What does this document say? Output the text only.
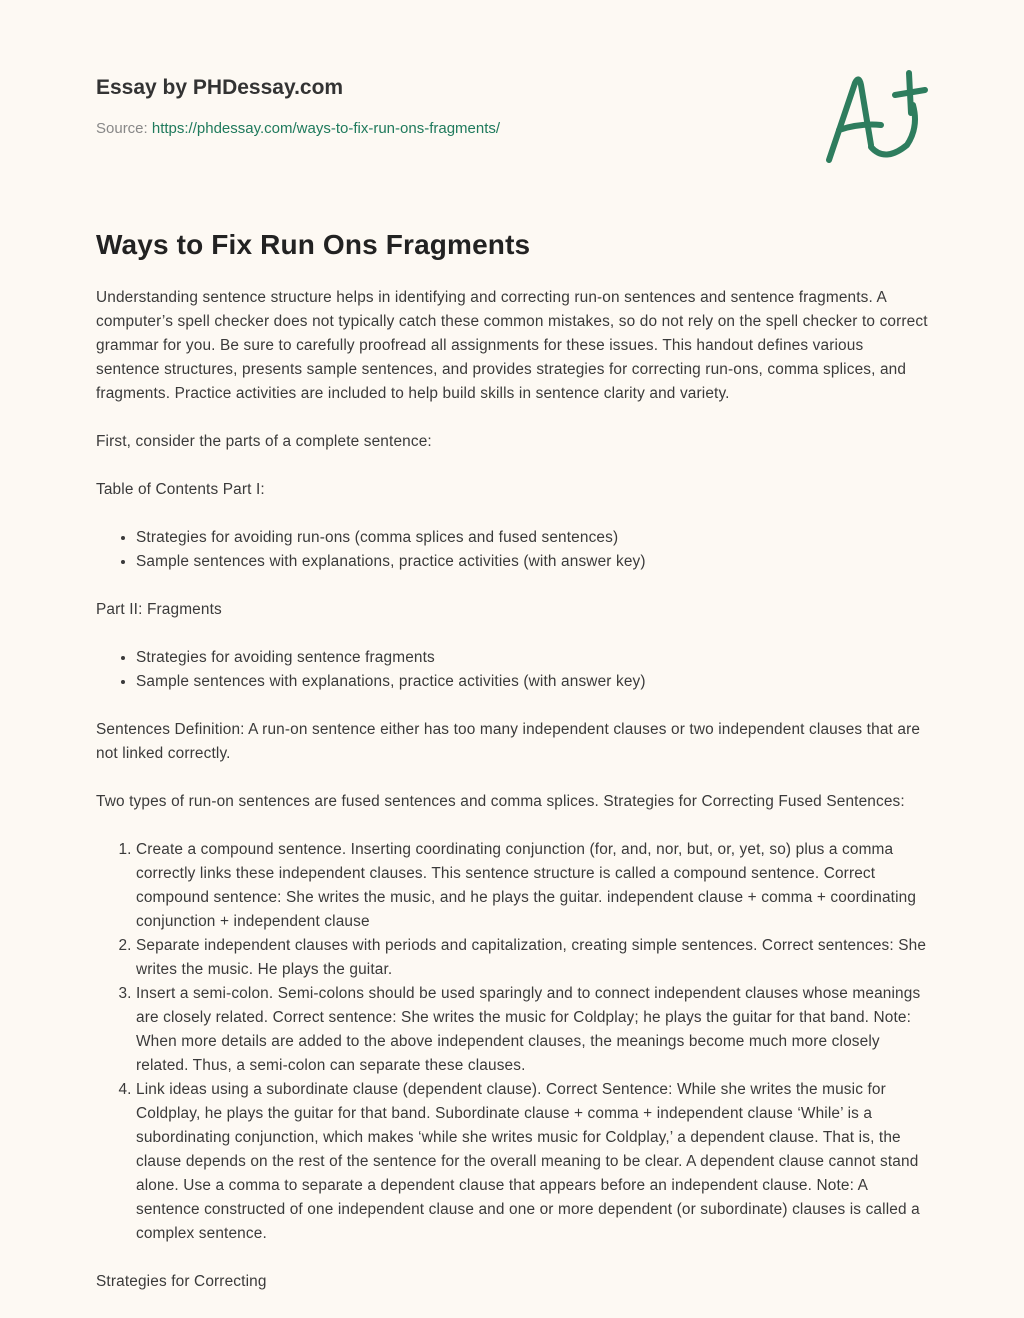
Essay by PHDessay.com
Source: https://phdessay.com/ways-to-fix-run-ons-fragments/
Ways to Fix Run Ons Fragments

Understanding sentence structure helps in identifying and correcting run-on sentences and sentence fragments. A computer’s spell checker does not typically catch these common mistakes, so do not rely on the spell checker to correct grammar for you. Be sure to carefully proofread all assignments for these issues. This handout defines various sentence structures, presents sample sentences, and provides strategies for correcting run-ons, comma splices, and fragments. Practice activities are included to help build skills in sentence clarity and variety.

First, consider the parts of a complete sentence:

Table of Contents Part I:

• Strategies for avoiding run-ons (comma splices and fused sentences)
• Sample sentences with explanations, practice activities (with answer key)

Part II: Fragments

• Strategies for avoiding sentence fragments
• Sample sentences with explanations, practice activities (with answer key)

Sentences Definition: A run-on sentence either has too many independent clauses or two independent clauses that are not linked correctly.

Two types of run-on sentences are fused sentences and comma splices. Strategies for Correcting Fused Sentences:

1. Create a compound sentence. Inserting coordinating conjunction (for, and, nor, but, or, yet, so) plus a comma correctly links these independent clauses. This sentence structure is called a compound sentence. Correct compound sentence: She writes the music, and he plays the guitar. independent clause + comma + coordinating conjunction + independent clause
2. Separate independent clauses with periods and capitalization, creating simple sentences. Correct sentences: She writes the music. He plays the guitar.
3. Insert a semi-colon. Semi-colons should be used sparingly and to connect independent clauses whose meanings are closely related. Correct sentence: She writes the music for Coldplay; he plays the guitar for that band. Note: When more details are added to the above independent clauses, the meanings become much more closely related. Thus, a semi-colon can separate these clauses.
4. Link ideas using a subordinate clause (dependent clause). Correct Sentence: While she writes the music for Coldplay, he plays the guitar for that band. Subordinate clause + comma + independent clause ‘While’ is a subordinating conjunction, which makes ‘while she writes music for Coldplay,’ a dependent clause. That is, the clause depends on the rest of the sentence for the overall meaning to be clear. A dependent clause cannot stand alone. Use a comma to separate a dependent clause that appears before an independent clause. Note: A sentence constructed of one independent clause and one or more dependent (or subordinate) clauses is called a complex sentence.

Strategies for Correcting
